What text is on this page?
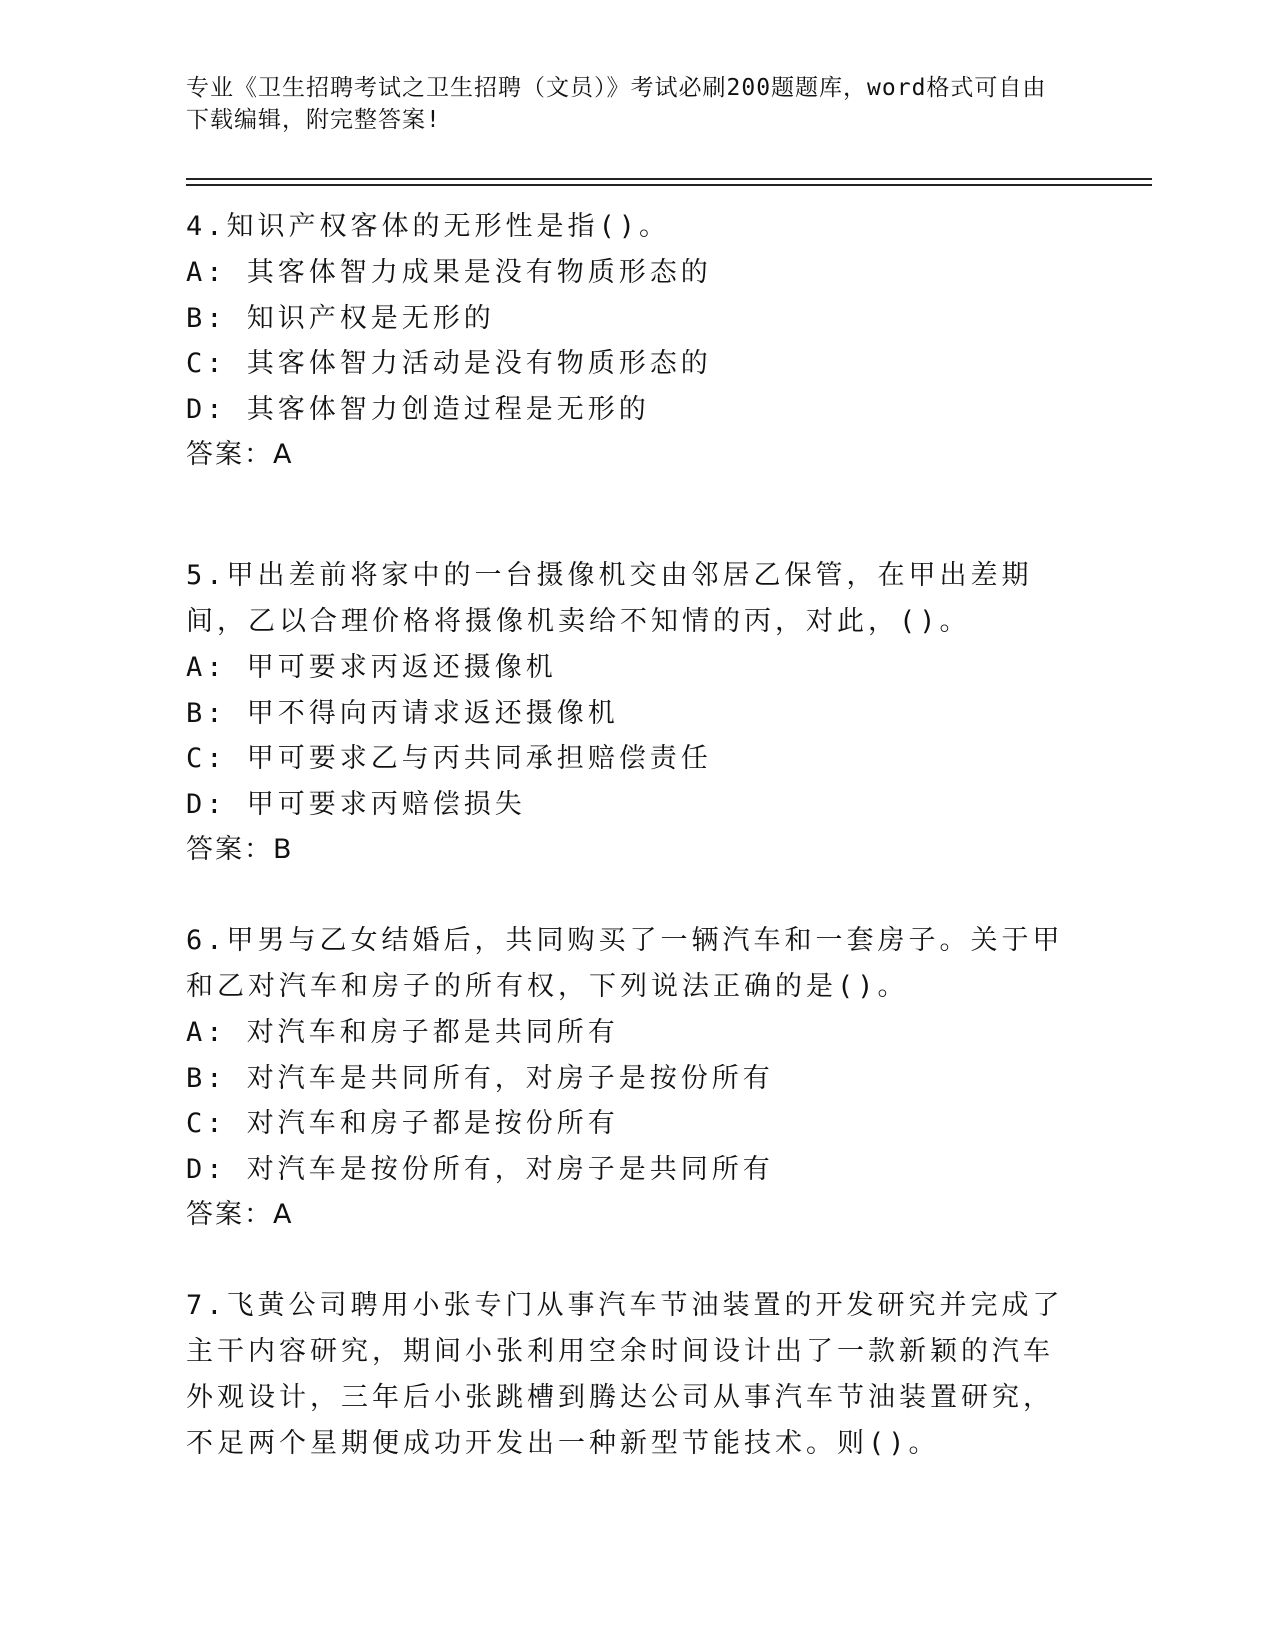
专业《卫生招聘考试之卫生招聘（文员）》考试必刷200题题库，word格式可自由下载编辑，附完整答案!
4.知识产权客体的无形性是指()。
A: 其客体智力成果是没有物质形态的
B: 知识产权是无形的
C: 其客体智力活动是没有物质形态的
D: 其客体智力创造过程是无形的
答案：A
5.甲出差前将家中的一台摄像机交由邻居乙保管，在甲出差期间，乙以合理价格将摄像机卖给不知情的丙，对此，()。
A: 甲可要求丙返还摄像机
B: 甲不得向丙请求返还摄像机
C: 甲可要求乙与丙共同承担赔偿责任
D: 甲可要求丙赔偿损失
答案：B
6.甲男与乙女结婚后，共同购买了一辆汽车和一套房子。关于甲和乙对汽车和房子的所有权，下列说法正确的是()。
A: 对汽车和房子都是共同所有
B: 对汽车是共同所有，对房子是按份所有
C: 对汽车和房子都是按份所有
D: 对汽车是按份所有，对房子是共同所有
答案：A
7.飞黄公司聘用小张专门从事汽车节油装置的开发研究并完成了主干内容研究，期间小张利用空余时间设计出了一款新颖的汽车外观设计，三年后小张跳槽到腾达公司从事汽车节油装置研究，不足两个星期便成功开发出一种新型节能技术。则()。
